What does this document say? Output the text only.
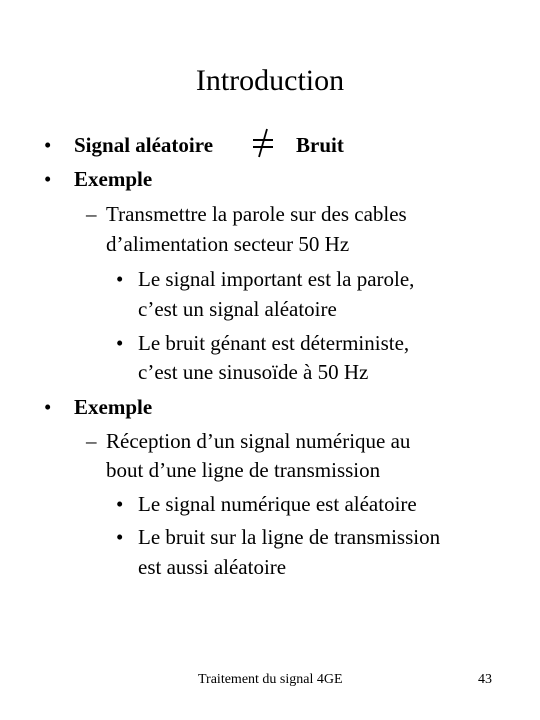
Introduction
• Signal aléatoire	Bruit
• Exemple
– Transmettre la parole sur des cables
d’alimentation secteur 50 Hz
• Le signal important est la parole,
c’est un signal aléatoire
• Le bruit génant est déterministe,
c’est une sinusoïde à 50 Hz
• Exemple
– Réception d’un signal numérique au
bout d’une ligne de transmission
• Le signal numérique est aléatoire
• Le bruit sur la ligne de transmission
est aussi aléatoire
Traitement du signal 4GE	43
